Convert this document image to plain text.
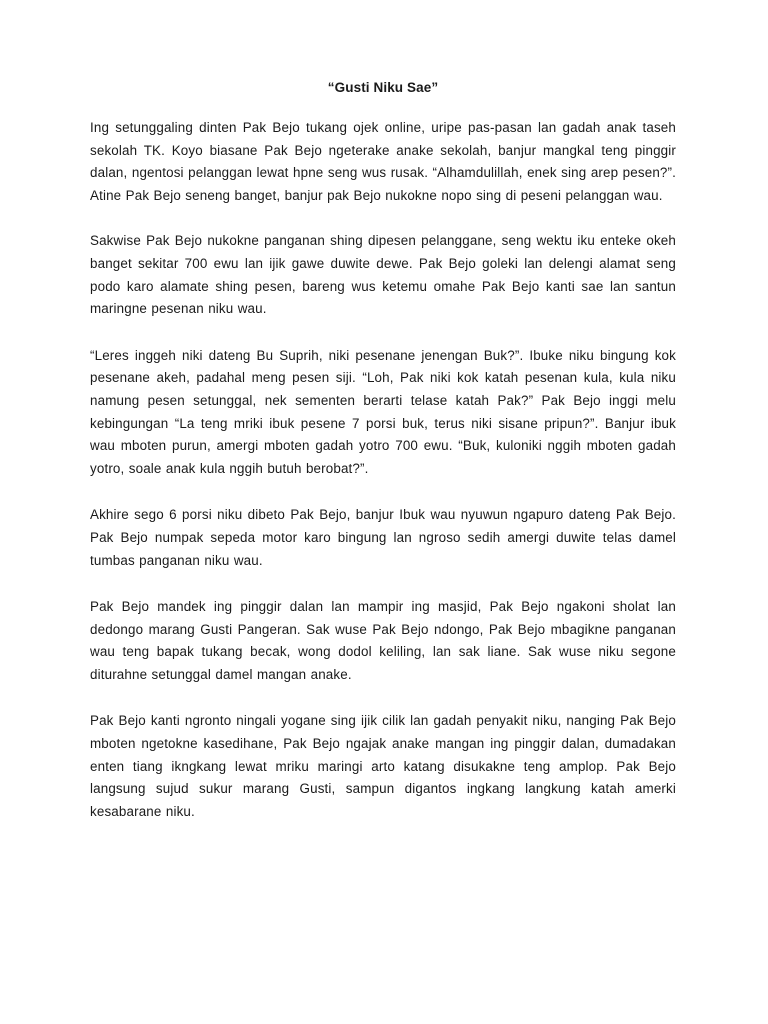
“Gusti Niku Sae”

Ing setunggaling dinten Pak Bejo tukang ojek online, uripe pas-pasan lan gadah anak taseh sekolah TK. Koyo biasane Pak Bejo ngeterake anake sekolah, banjur mangkal teng pinggir dalan, ngentosi pelanggan lewat hpne seng wus rusak. “Alhamdulillah, enek sing arep pesen?”. Atine Pak Bejo seneng banget, banjur pak Bejo nukokne nopo sing di peseni pelanggan wau.

Sakwise Pak Bejo nukokne panganan shing dipesen pelanggane, seng wektu iku enteke okeh banget sekitar 700 ewu lan ijik gawe duwite dewe. Pak Bejo goleki lan delengi alamat seng podo karo alamate shing pesen, bareng wus ketemu omahe Pak Bejo kanti sae lan santun maringne pesenan niku wau.

“Leres inggeh niki dateng Bu Suprih, niki pesenane jenengan Buk?”. Ibuke niku bingung kok pesenane akeh, padahal meng pesen siji. “Loh, Pak niki kok katah pesenan kula, kula niku namung pesen setunggal, nek sementen berarti telase katah Pak?” Pak Bejo inggi melu kebingungan “La teng mriki ibuk pesene 7 porsi buk, terus niki sisane pripun?”. Banjur ibuk wau mboten purun, amergi mboten gadah yotro 700 ewu. “Buk, kuloniki nggih mboten gadah yotro, soale anak kula nggih butuh berobat?”.

Akhire sego 6 porsi niku dibeto Pak Bejo, banjur Ibuk wau nyuwun ngapuro dateng Pak Bejo. Pak Bejo numpak sepeda motor karo bingung lan ngroso sedih amergi duwite telas damel tumbas panganan niku wau.

Pak Bejo mandek ing pinggir dalan lan mampir ing masjid, Pak Bejo ngakoni sholat lan dedongo marang Gusti Pangeran. Sak wuse Pak Bejo ndongo, Pak Bejo mbagikne panganan wau teng bapak tukang becak, wong dodol keliling, lan sak liane. Sak wuse niku segone diturahne setunggal damel mangan anake.

Pak Bejo kanti ngronto ningali yogane sing ijik cilik lan gadah penyakit niku, nanging Pak Bejo mboten ngetokne kasedihane, Pak Bejo ngajak anake mangan ing pinggir dalan, dumadakan enten tiang ikngkang lewat mriku maringi arto katang disukakne teng amplop. Pak Bejo langsung sujud sukur marang Gusti, sampun digantos ingkang langkung katah amerki kesabarane niku.
